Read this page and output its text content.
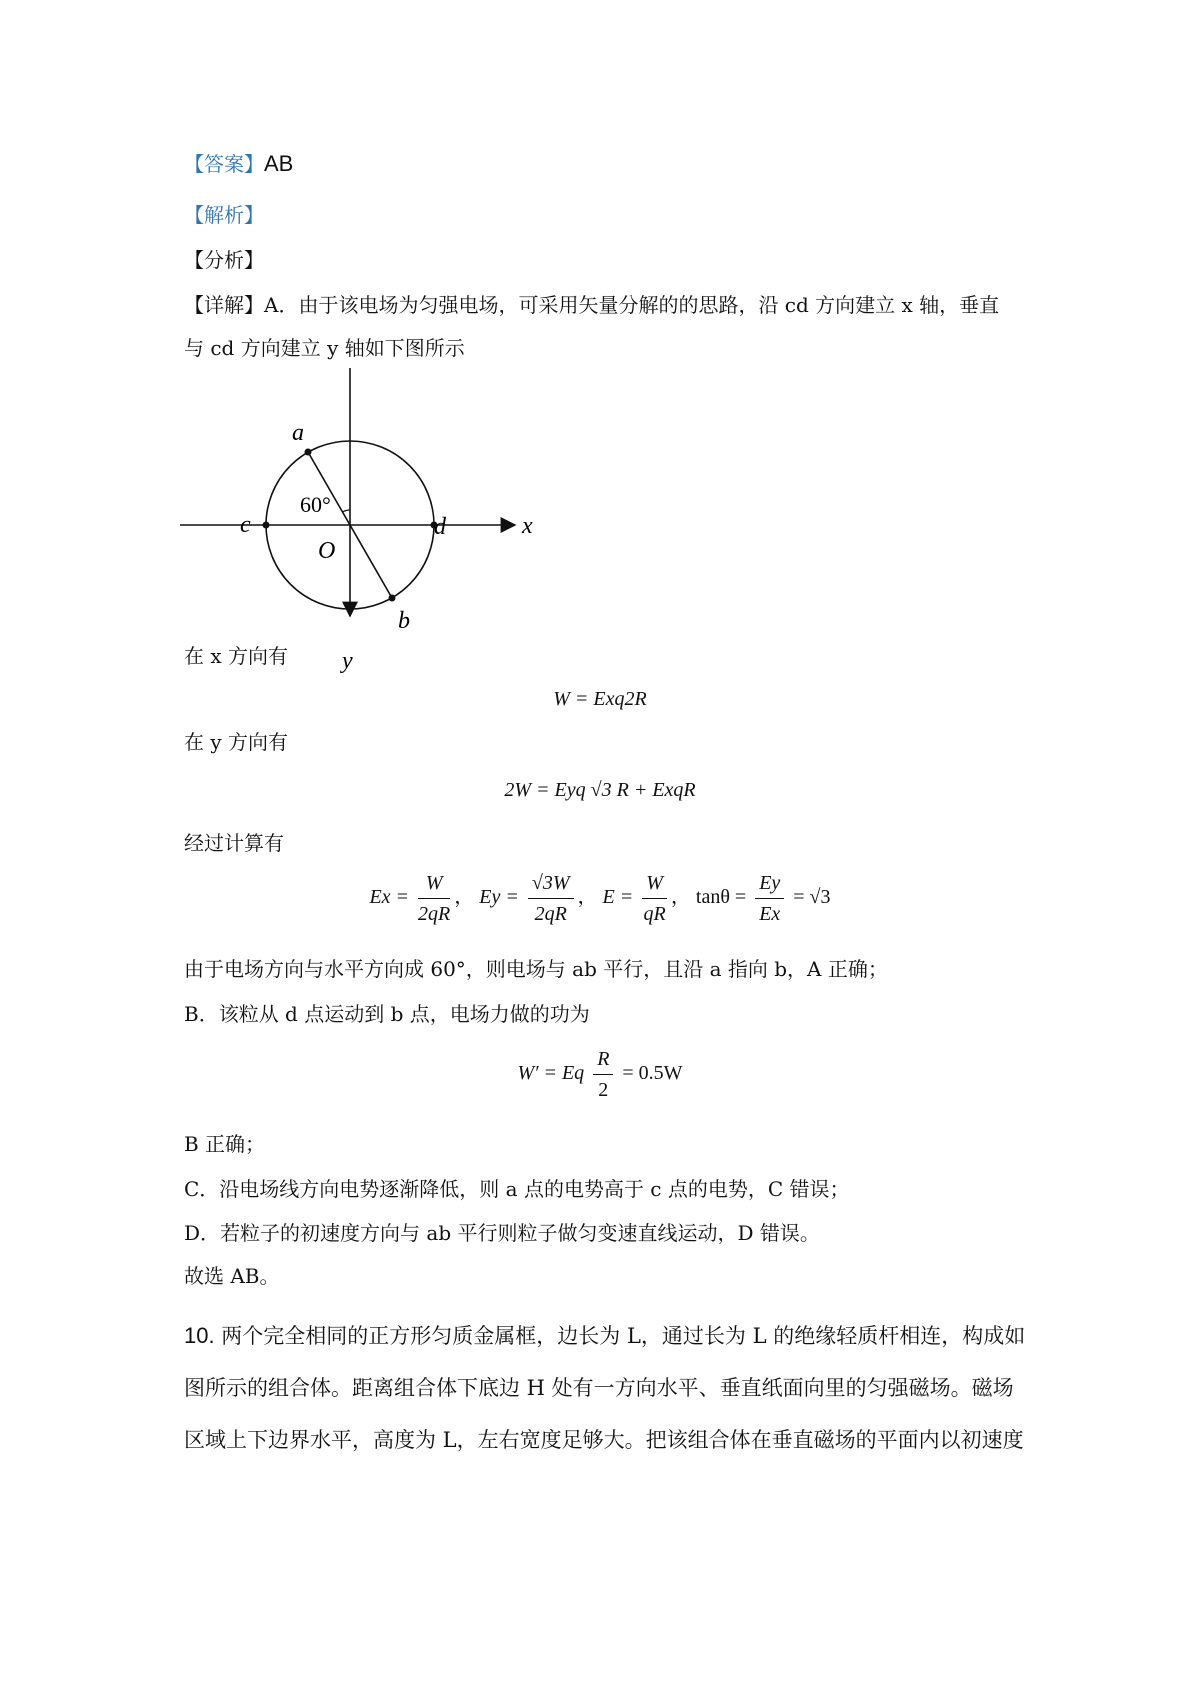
【答案】AB
【解析】
【分析】
【详解】A．由于该电场为匀强电场，可采用矢量分解的的思路，沿 cd 方向建立 x 轴，垂直
与 cd 方向建立 y 轴如下图所示
a
b
c	d
O
x
y
60°
在 x 方向有
W = Exq2R
在 y 方向有
2W = Eyq √3 R + ExqR
经过计算有
$Ex = \frac{W}{2qR}$ ， $Ey = \frac{√3W}{2qR}$ ， $E = \frac{W}{qR}$ ， $\tan\theta = \frac{Ey}{Ex} = √3$
由于电场方向与水平方向成 60°，则电场与 ab 平行，且沿 a 指向 b，A 正确；
B．该粒从 d 点运动到 b 点，电场力做的功为
W′ = Eq $\frac{R}{2} = 0.5W$
B 正确；
C．沿电场线方向电势逐渐降低，则 a 点的电势高于 c 点的电势，C 错误；
D．若粒子的初速度方向与 ab 平行则粒子做匀变速直线运动，D 错误。
故选 AB。
10. 两个完全相同的正方形匀质金属框，边长为 L，通过长为 L 的绝缘轻质杆相连，构成如
图所示的组合体。距离组合体下底边 H 处有一方向水平、垂直纸面向里的匀强磁场。磁场
区域上下边界水平，高度为 L，左右宽度足够大。把该组合体在垂直磁场的平面内以初速度
